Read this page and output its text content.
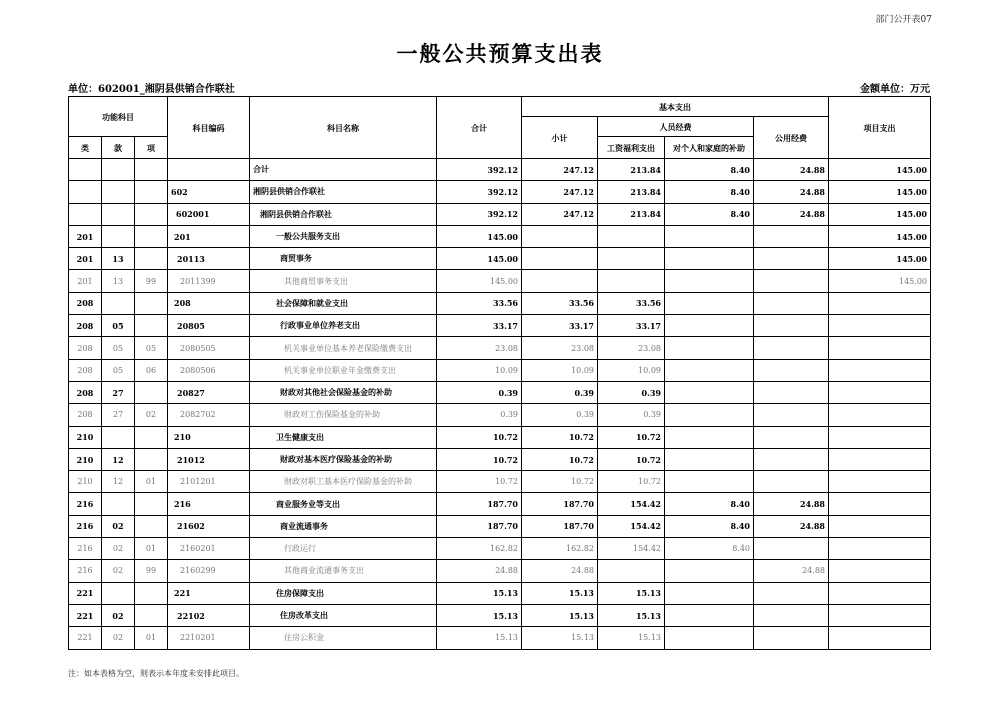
部门公开表07
一般公共预算支出表
单位：602001_湘阴县供销合作联社	金额单位：万元
功能科目			科目编码	科目名称	合计	基本支出				项目支出
						小计	人员经费		公用经费	
类	款	项					工资福利支出	对个人和家庭的补助		
				合计	392.12	247.12	213.84	8.40	24.88	145.00
			602	湘阴县供销合作联社	392.12	247.12	213.84	8.40	24.88	145.00
			602001	湘阴县供销合作联社	392.12	247.12	213.84	8.40	24.88	145.00
201			201	一般公共服务支出	145.00					145.00
201	13		20113	商贸事务	145.00					145.00
201	13	99	2011399	其他商贸事务支出	145.00					145.00
208			208	社会保障和就业支出	33.56	33.56	33.56			
208	05		20805	行政事业单位养老支出	33.17	33.17	33.17			
208	05	05	2080505	机关事业单位基本养老保险缴费支出	23.08	23.08	23.08			
208	05	06	2080506	机关事业单位职业年金缴费支出	10.09	10.09	10.09			
208	27		20827	财政对其他社会保险基金的补助	0.39	0.39	0.39			
208	27	02	2082702	财政对工伤保险基金的补助	0.39	0.39	0.39			
210			210	卫生健康支出	10.72	10.72	10.72			
210	12		21012	财政对基本医疗保险基金的补助	10.72	10.72	10.72			
210	12	01	2101201	财政对职工基本医疗保险基金的补助	10.72	10.72	10.72			
216			216	商业服务业等支出	187.70	187.70	154.42	8.40	24.88	
216	02		21602	商业流通事务	187.70	187.70	154.42	8.40	24.88	
216	02	01	2160201	行政运行	162.82	162.82	154.42	8.40		
216	02	99	2160299	其他商业流通事务支出	24.88	24.88			24.88	
221			221	住房保障支出	15.13	15.13	15.13			
221	02		22102	住房改革支出	15.13	15.13	15.13			
221	02	01	2210201	住房公积金	15.13	15.13	15.13			
注：如本表格为空，则表示本年度未安排此项目。
